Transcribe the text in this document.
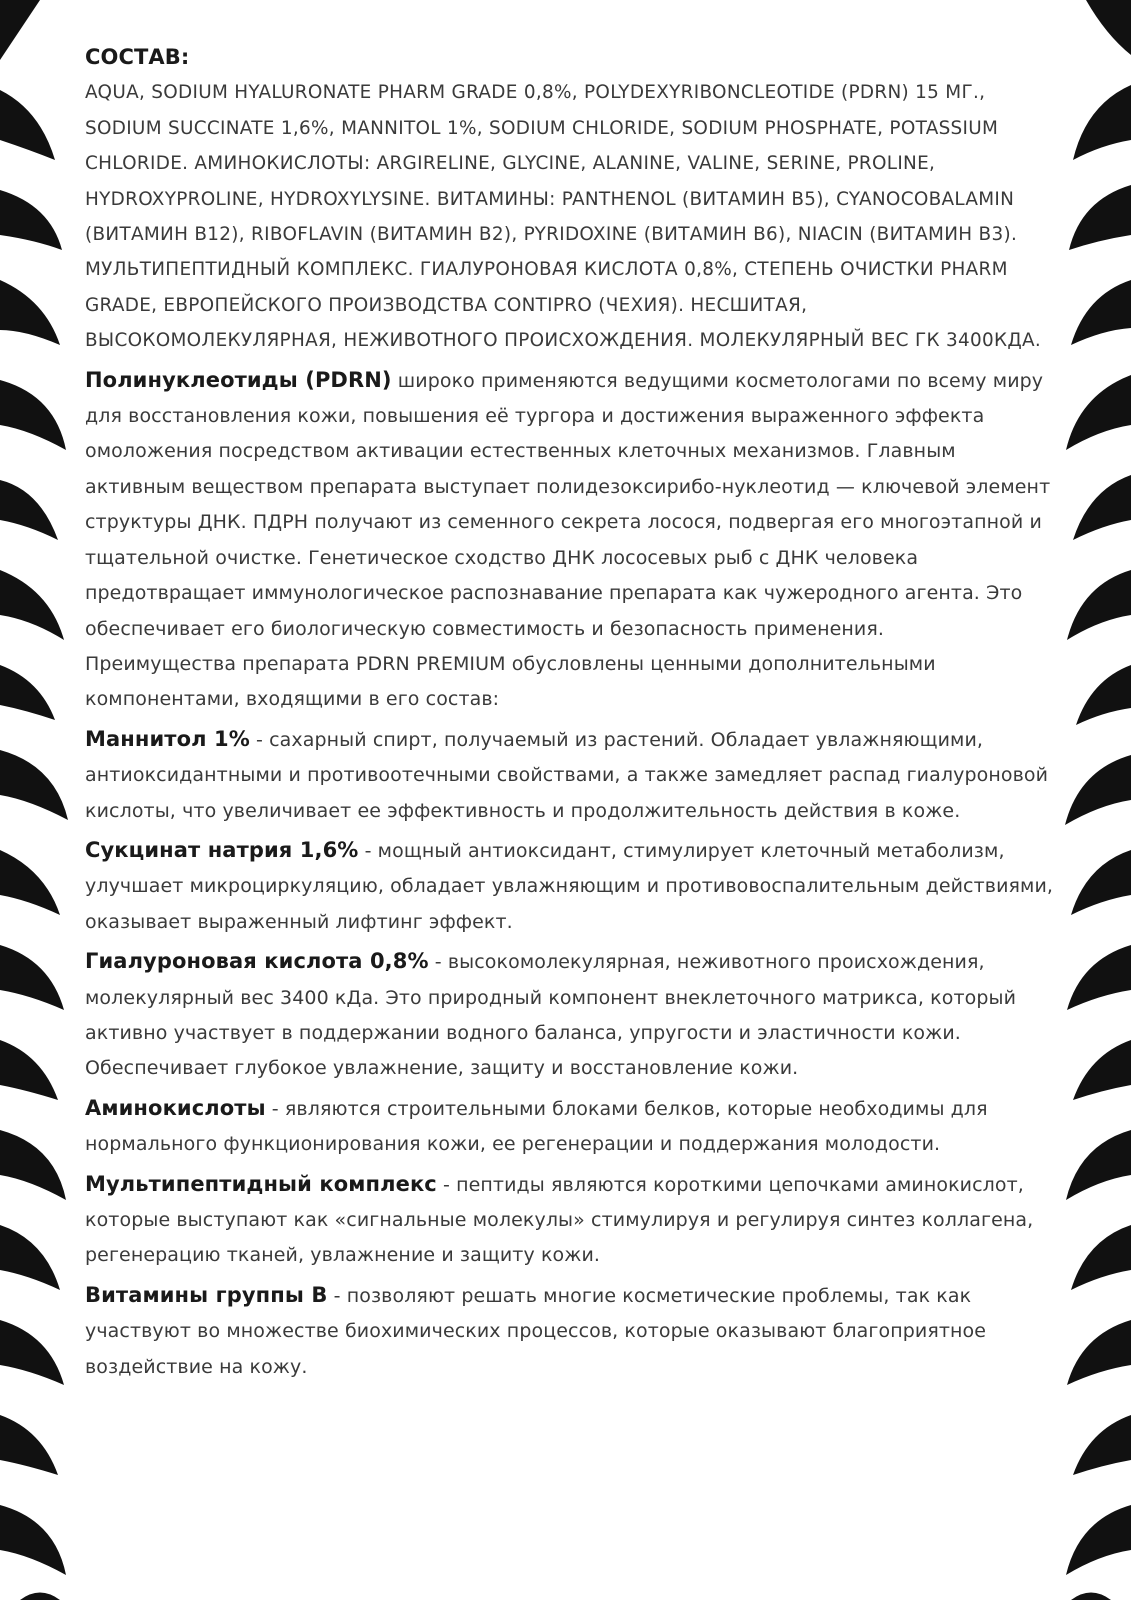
СОСТАВ:

AQUA, SODIUM HYALURONATE PHARM GRADE 0,8%, POLYDEXYRIBONCLEOTIDE (PDRN) 15 МГ., SODIUM SUCCINATE 1,6%, MANNITOL 1%, SODIUM CHLORIDE, SODIUM PHOSPHATE, POTASSIUM CHLORIDE. АМИНОКИСЛОТЫ: ARGIRELINE, GLYCINE, ALANINE, VALINE, SERINE, PROLINE, HYDROXYPROLINE, HYDROXYLYSINE. ВИТАМИНЫ: PANTHENOL (ВИТАМИН B5), CYANOCOBALAMIN (ВИТАМИН B12), RIBOFLAVIN (ВИТАМИН B2), PYRIDOXINE (ВИТАМИН B6), NIACIN (ВИТАМИН B3). МУЛЬТИПЕПТИДНЫЙ КОМПЛЕКС. ГИАЛУРОНОВАЯ КИСЛОТА 0,8%, СТЕПЕНЬ ОЧИСТКИ PHARM GRADE, ЕВРОПЕЙСКОГО ПРОИЗВОДСТВА CONTIPRO (ЧЕХИЯ). НЕСШИТАЯ, ВЫСОКОМОЛЕКУЛЯРНАЯ, НЕЖИВОТНОГО ПРОИСХОЖДЕНИЯ. МОЛЕКУЛЯРНЫЙ ВЕС ГК 3400КДА.

Полинуклеотиды (PDRN) широко применяются ведущими косметологами по всему миру для восстановления кожи, повышения её тургора и достижения выраженного эффекта омоложения посредством активации естественных клеточных механизмов. Главным активным веществом препарата выступает полидезоксирибо-нуклеотид — ключевой элемент структуры ДНК. ПДРН получают из семенного секрета лосося, подвергая его многоэтапной и тщательной очистке. Генетическое сходство ДНК лососевых рыб с ДНК человека предотвращает иммунологическое распознавание препарата как чужеродного агента. Это обеспечивает его биологическую совместимость и безопасность применения.

Преимущества препарата PDRN PREMIUM обусловлены ценными дополнительными компонентами, входящими в его состав:

Маннитол 1% - сахарный спирт, получаемый из растений. Обладает увлажняющими, антиоксидантными и противоотечными свойствами, а также замедляет распад гиалуроновой кислоты, что увеличивает ее эффективность и продолжительность действия в коже.

Сукцинат натрия 1,6% - мощный антиоксидант, стимулирует клеточный метаболизм, улучшает микроциркуляцию, обладает увлажняющим и противовоспалительным действиями, оказывает выраженный лифтинг эффект.

Гиалуроновая кислота 0,8% - высокомолекулярная, неживотного происхождения, молекулярный вес 3400 кДа. Это природный компонент внеклеточного матрикса, который активно участвует в поддержании водного баланса, упругости и эластичности кожи. Обеспечивает глубокое увлажнение, защиту и восстановление кожи.

Аминокислоты - являются строительными блоками белков, которые необходимы для нормального функционирования кожи, ее регенерации и поддержания молодости.

Мультипептидный комплекс - пептиды являются короткими цепочками аминокислот, которые выступают как «сигнальные молекулы» стимулируя и регулируя синтез коллагена, регенерацию тканей, увлажнение и защиту кожи.

Витамины группы B - позволяют решать многие косметические проблемы, так как участвуют во множестве биохимических процессов, которые оказывают благоприятное воздействие на кожу.
